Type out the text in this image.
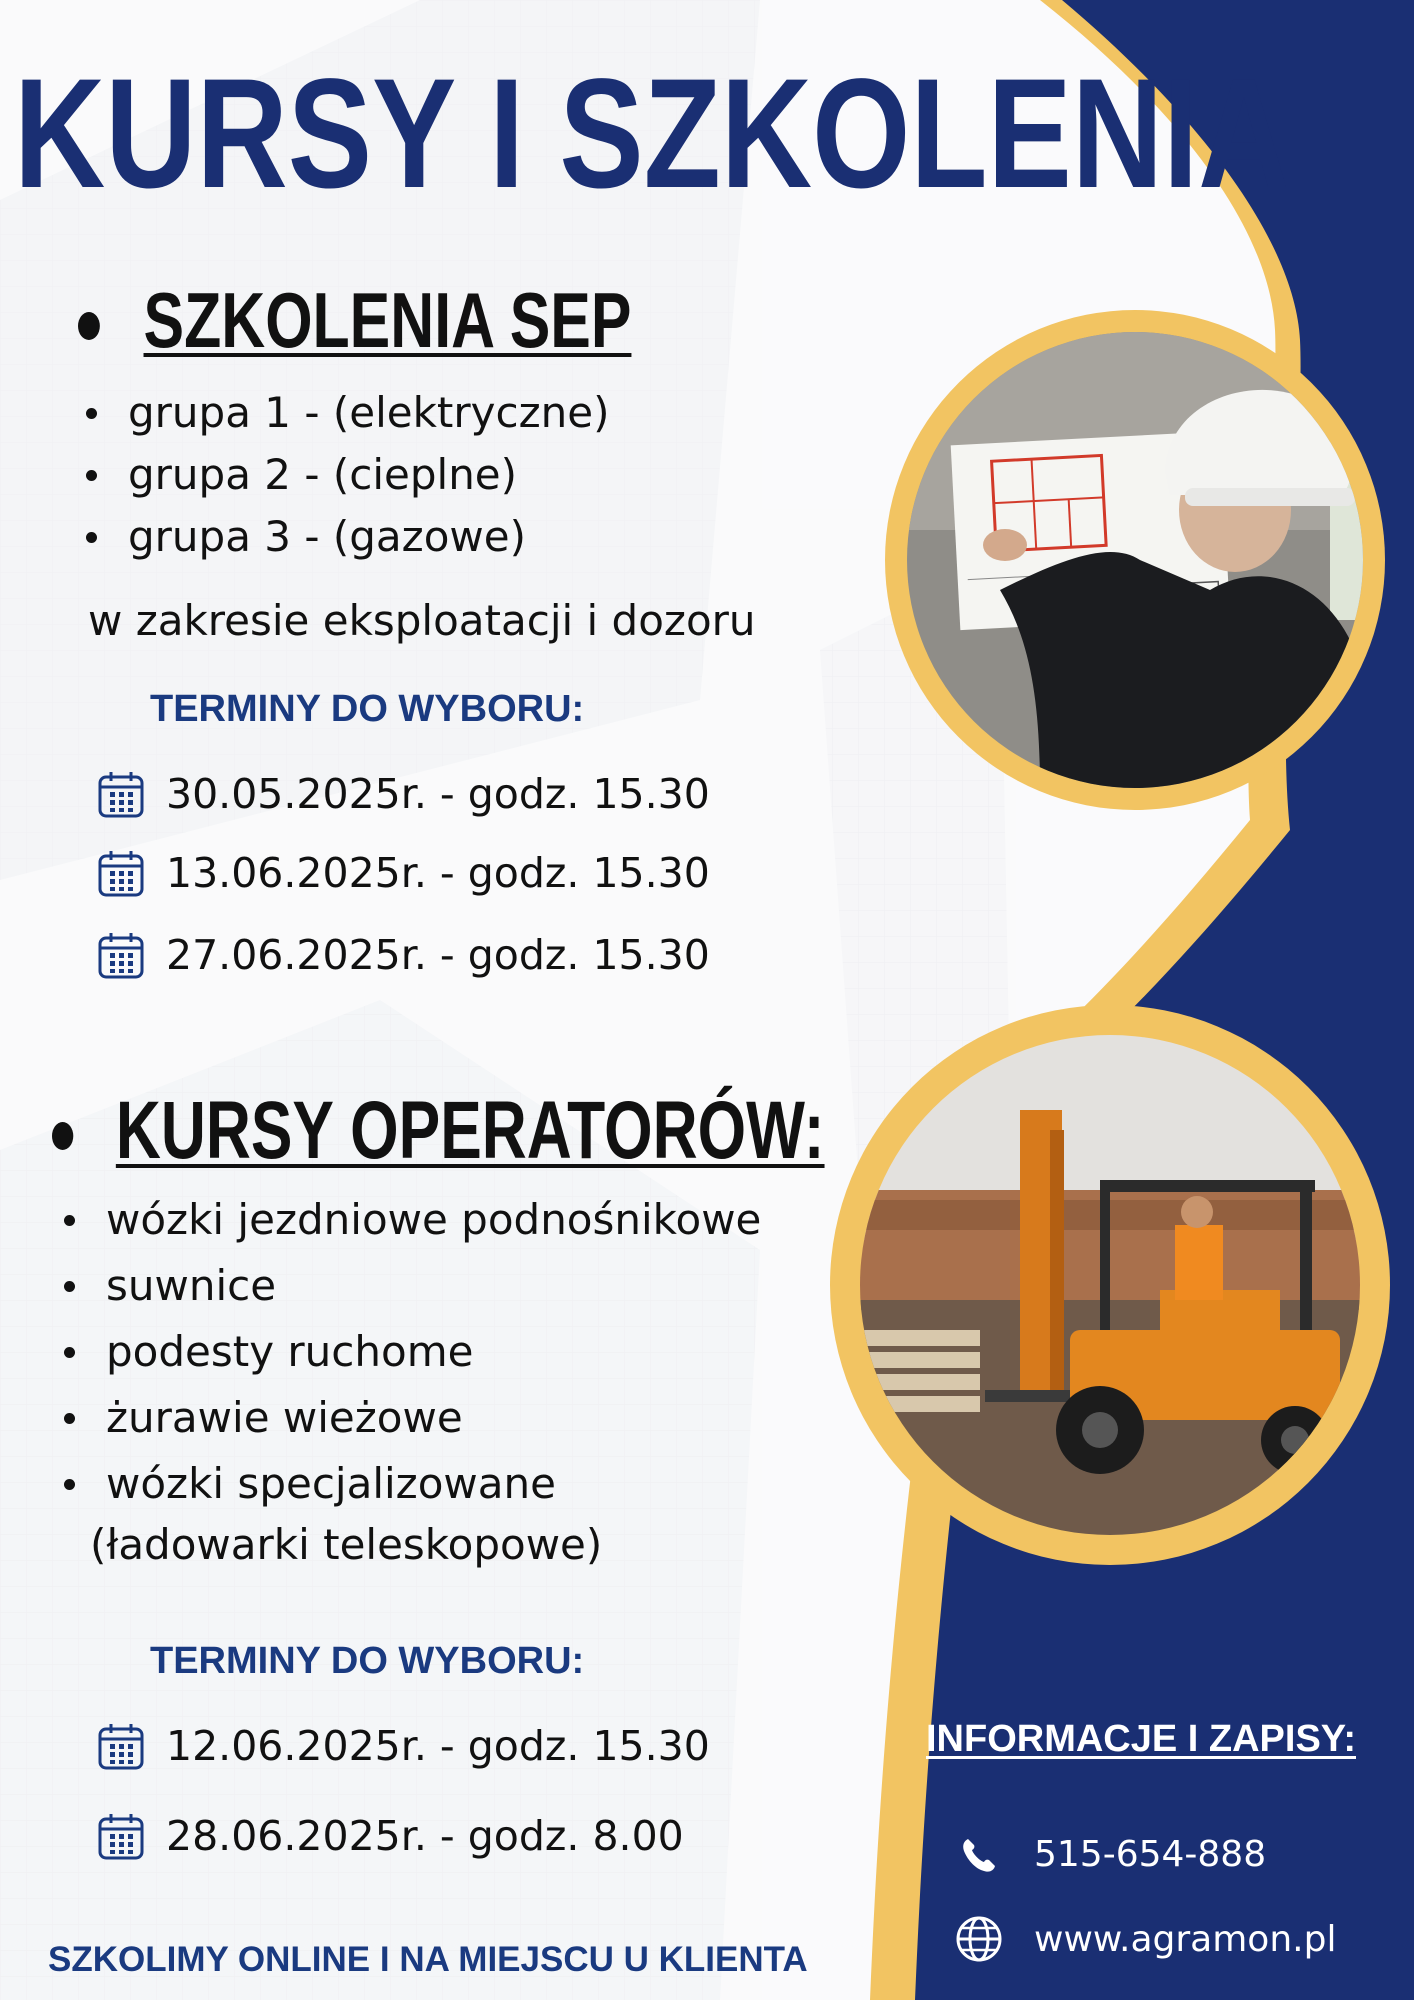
KURSY I SZKOLENIA
SZKOLENIA SEP
grupa 1 - (elektryczne)
grupa 2 - (cieplne)
grupa 3 - (gazowe)
w zakresie eksploatacji i dozoru
TERMINY DO WYBORU:
30.05.2025r. - godz. 15.30
13.06.2025r. - godz. 15.30
27.06.2025r. - godz. 15.30
KURSY OPERATORÓW:
wózki jezdniowe podnośnikowe
suwnice
podesty ruchome
żurawie wieżowe
wózki specjalizowane
(ładowarki teleskopowe)
TERMINY DO WYBORU:
12.06.2025r. - godz. 15.30
28.06.2025r. - godz. 8.00
SZKOLIMY ONLINE I NA MIEJSCU U KLIENTA
INFORMACJE I ZAPISY:
515-654-888
www.agramon.pl
